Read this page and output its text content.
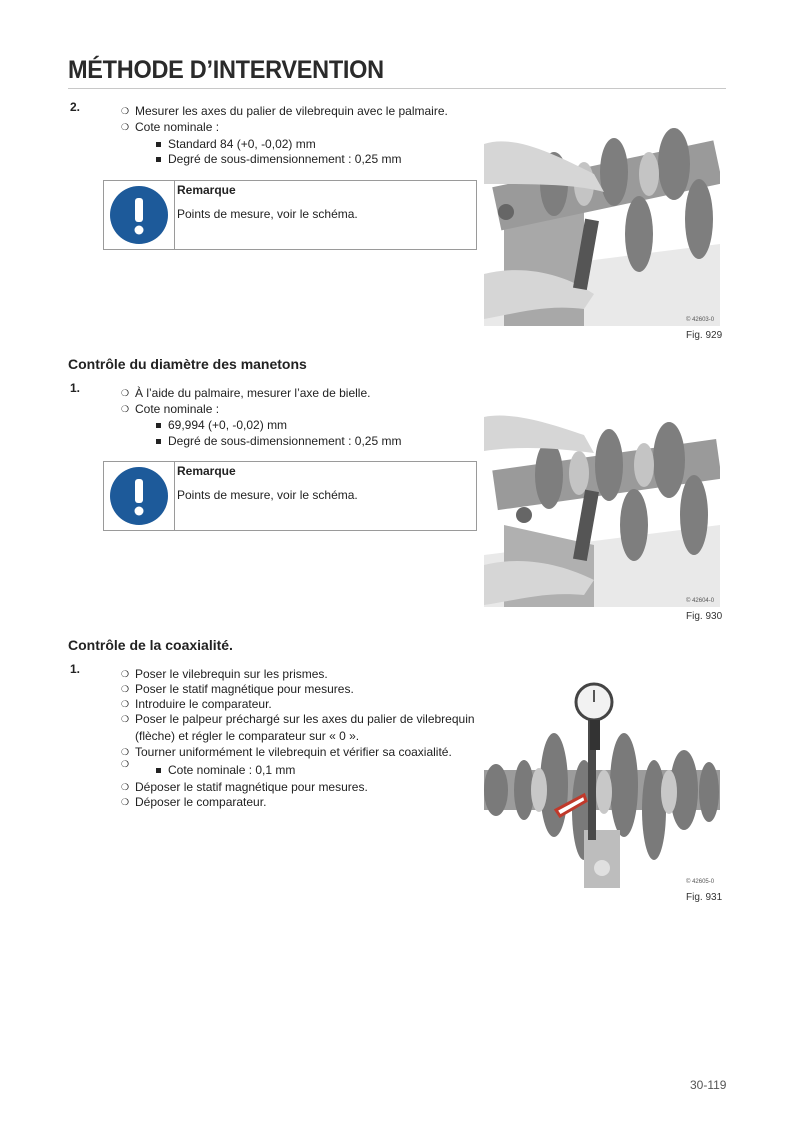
MÉTHODE D’INTERVENTION
2.	❍ Mesurer les axes du palier de vilebrequin avec le palmaire.
❍ Cote nominale :
Standard 84 (+0, -0,02) mm
Degré de sous-dimensionnement : 0,25 mm
Remarque
Points de mesure, voir le schéma.
© 42603-0
Fig. 929
Contrôle du diamètre des manetons
1.	❍ À l’aide du palmaire, mesurer l’axe de bielle.
❍ Cote nominale :
69,994 (+0, -0,02) mm
Degré de sous-dimensionnement : 0,25 mm
Remarque
Points de mesure, voir le schéma.
© 42604-0
Fig. 930
Contrôle de la coaxialité.
1.	❍ Poser le vilebrequin sur les prismes.
❍ Poser le statif magnétique pour mesures.
❍ Introduire le comparateur.
❍ Poser le palpeur préchargé sur les axes du palier de vilebrequin
(flèche) et régler le comparateur sur « 0 ».
❍ Tourner uniformément le vilebrequin et vérifier sa coaxialité.
❍	Cote nominale : 0,1 mm
❍ Déposer le statif magnétique pour mesures.
❍ Déposer le comparateur.
© 42605-0
Fig. 931
30-119
